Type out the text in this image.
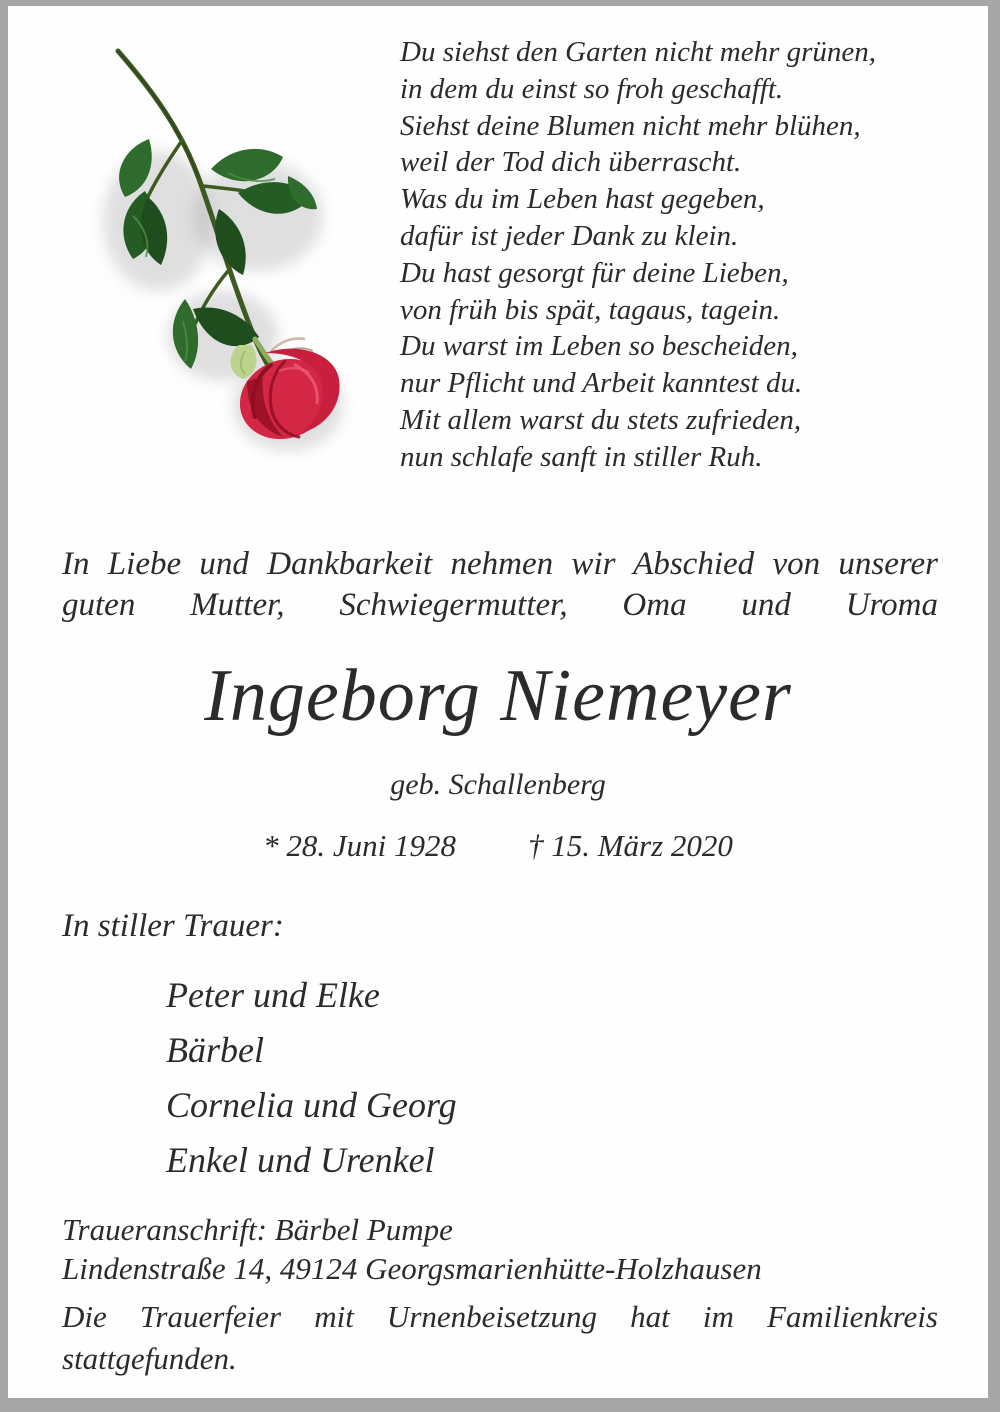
Du siehst den Garten nicht mehr grünen,
in dem du einst so froh geschafft.
Siehst deine Blumen nicht mehr blühen,
weil der Tod dich überrascht.
Was du im Leben hast gegeben,
dafür ist jeder Dank zu klein.
Du hast gesorgt für deine Lieben,
von früh bis spät, tagaus, tagein.
Du warst im Leben so bescheiden,
nur Pflicht und Arbeit kanntest du.
Mit allem warst du stets zufrieden,
nun schlafe sanft in stiller Ruh.
In Liebe und Dankbarkeit nehmen wir Abschied von unserer guten Mutter, Schwiegermutter, Oma und Uroma
Ingeborg Niemeyer
geb. Schallenberg
* 28. Juni 1928 † 15. März 2020
In stiller Trauer:
Peter und Elke
Bärbel
Cornelia und Georg
Enkel und Urenkel
Traueranschrift: Bärbel Pumpe
Lindenstraße 14, 49124 Georgsmarienhütte-Holzhausen
Die Trauerfeier mit Urnenbeisetzung hat im Familienkreis stattgefunden.
